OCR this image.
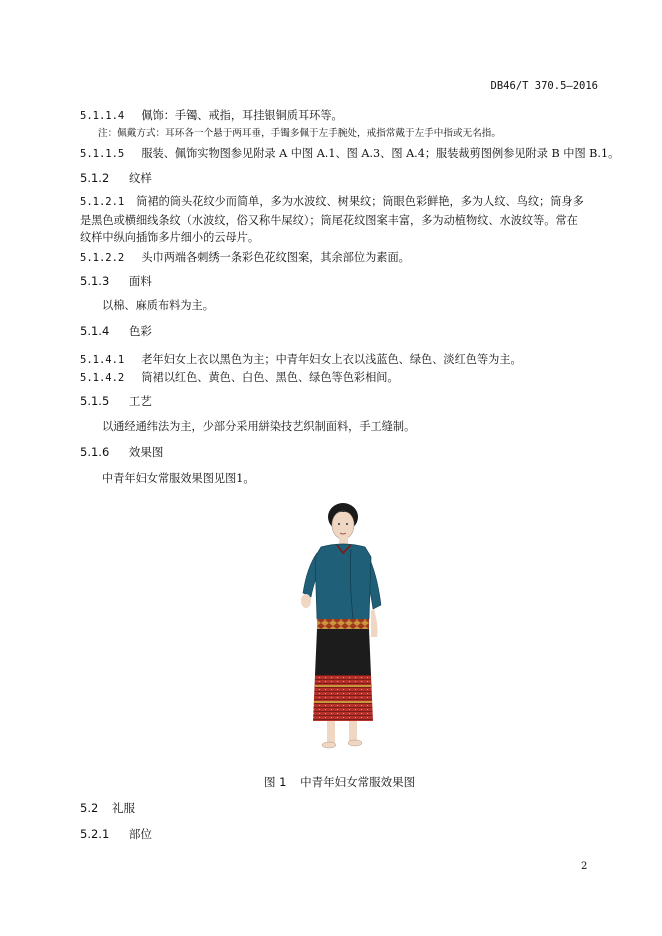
DB46/T 370.5—2016
5.1.1.4 佩饰：手镯、戒指，耳挂银铜质耳环等。
注：佩戴方式：耳环各一个悬于两耳垂，手镯多佩于左手腕处，戒指常戴于左手中指或无名指。
5.1.1.5 服装、佩饰实物图参见附录 A 中图 A.1、图 A.3、图 A.4；服装裁剪图例参见附录 B 中图 B.1。
5.1.2 纹样
5.1.2.1 筒裙的筒头花纹少而简单，多为水波纹、树果纹；筒眼色彩鲜艳，多为人纹、鸟纹；筒身多
是黑色或横细线条纹（水波纹，俗又称牛屎纹）；筒尾花纹图案丰富，多为动植物纹、水波纹等。常在
纹样中纵向插饰多片细小的云母片。
5.1.2.2 头巾两端各刺绣一条彩色花纹图案，其余部位为素面。
5.1.3 面料
以棉、麻质布料为主。
5.1.4 色彩
5.1.4.1 老年妇女上衣以黑色为主；中青年妇女上衣以浅蓝色、绿色、淡红色等为主。
5.1.4.2 筒裙以红色、黄色、白色、黑色、绿色等色彩相间。
5.1.5 工艺
以通经通纬法为主，少部分采用絣染技艺织制面料，手工缝制。
5.1.6 效果图
中青年妇女常服效果图见图1。
图 1 中青年妇女常服效果图
5.2 礼服
5.2.1 部位
2
